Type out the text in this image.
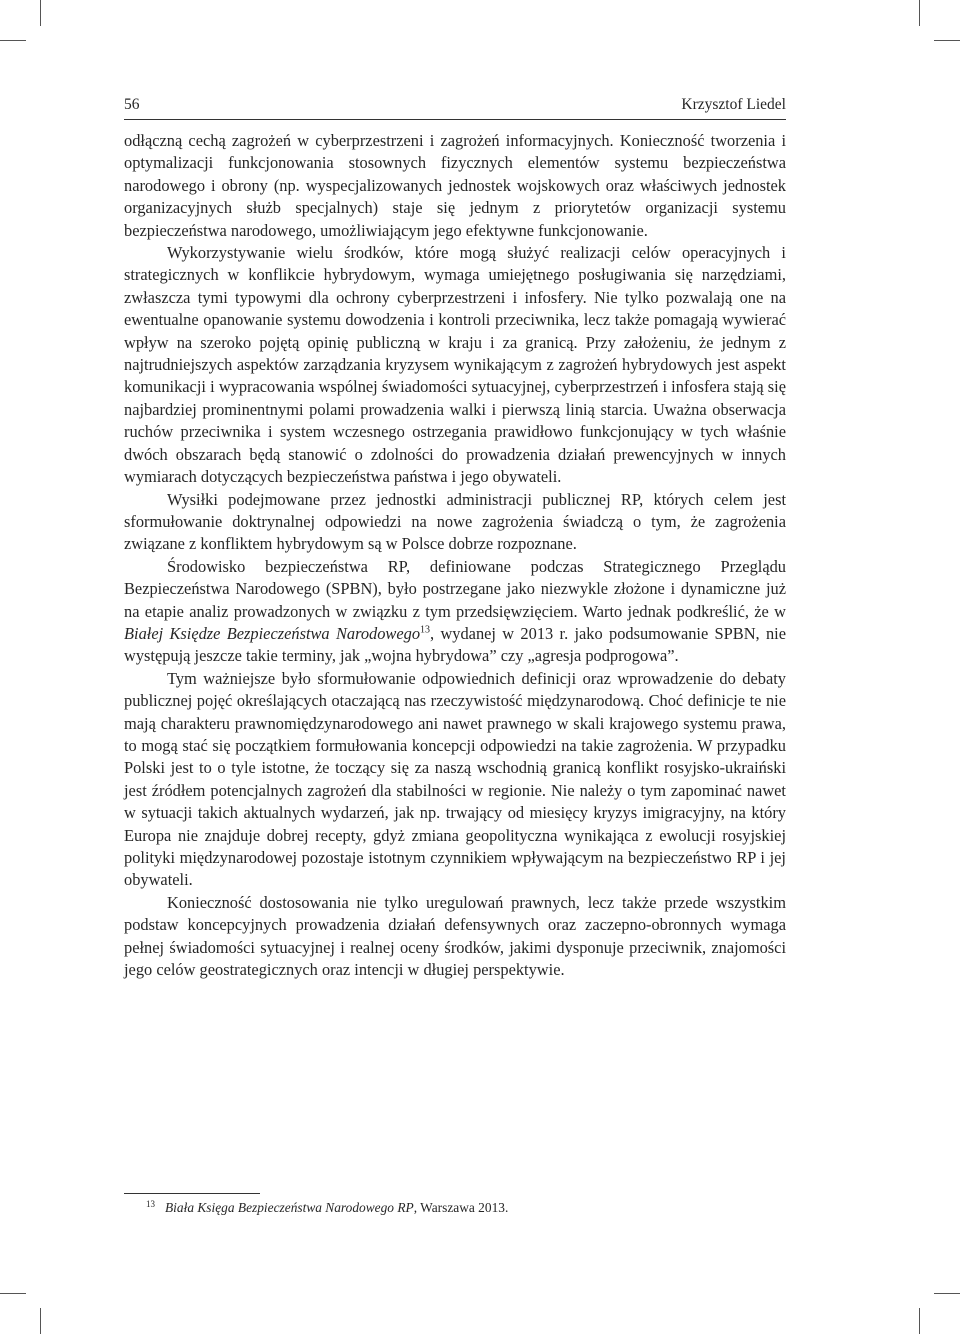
56	Krzysztof Liedel

odłączną cechą zagrożeń w cyberprzestrzeni i zagrożeń informacyjnych. Konieczność tworzenia i optymalizacji funkcjonowania stosownych fizycznych elementów systemu bezpieczeństwa narodowego i obrony (np. wyspecjalizowanych jednostek wojskowych oraz właściwych jednostek organizacyjnych służb specjalnych) staje się jednym z priorytetów organizacji systemu bezpieczeństwa narodowego, umożliwiającym jego efektywne funkcjonowanie.

Wykorzystywanie wielu środków, które mogą służyć realizacji celów operacyjnych i strategicznych w konflikcie hybrydowym, wymaga umiejętnego posługiwania się narzędziami, zwłaszcza tymi typowymi dla ochrony cyberprzestrzeni i infosfery. Nie tylko pozwalają one na ewentualne opanowanie systemu dowodzenia i kontroli przeciwnika, lecz także pomagają wywierać wpływ na szeroko pojętą opinię publiczną w kraju i za granicą. Przy założeniu, że jednym z najtrudniejszych aspektów zarządzania kryzysem wynikającym z zagrożeń hybrydowych jest aspekt komunikacji i wypracowania wspólnej świadomości sytuacyjnej, cyberprzestrzeń i infosfera stają się najbardziej prominentnymi polami prowadzenia walki i pierwszą linią starcia. Uważna obserwacja ruchów przeciwnika i system wczesnego ostrzegania prawidłowo funkcjonujący w tych właśnie dwóch obszarach będą stanowić o zdolności do prowadzenia działań prewencyjnych w innych wymiarach dotyczących bezpieczeństwa państwa i jego obywateli.

Wysiłki podejmowane przez jednostki administracji publicznej RP, których celem jest sformułowanie doktrynalnej odpowiedzi na nowe zagrożenia świadczą o tym, że zagrożenia związane z konfliktem hybrydowym są w Polsce dobrze rozpoznane.

Środowisko bezpieczeństwa RP, definiowane podczas Strategicznego Przeglądu Bezpieczeństwa Narodowego (SPBN), było postrzegane jako niezwykle złożone i dynamiczne już na etapie analiz prowadzonych w związku z tym przedsięwzięciem. Warto jednak podkreślić, że w Białej Księdze Bezpieczeństwa Narodowego$^{13}$, wydanej w 2013 r. jako podsumowanie SPBN, nie występują jeszcze takie terminy, jak „wojna hybrydowa” czy „agresja podprogowa”.

Tym ważniejsze było sformułowanie odpowiednich definicji oraz wprowadzenie do debaty publicznej pojęć określających otaczającą nas rzeczywistość międzynarodową. Choć definicje te nie mają charakteru prawnomiędzynarodowego ani nawet prawnego w skali krajowego systemu prawa, to mogą stać się początkiem formułowania koncepcji odpowiedzi na takie zagrożenia. W przypadku Polski jest to o tyle istotne, że toczący się za naszą wschodnią granicą konflikt rosyjsko-ukraiński jest źródłem potencjalnych zagrożeń dla stabilności w regionie. Nie należy o tym zapominać nawet w sytuacji takich aktualnych wydarzeń, jak np. trwający od miesięcy kryzys imigracyjny, na który Europa nie znajduje dobrej recepty, gdyż zmiana geopolityczna wynikająca z ewolucji rosyjskiej polityki międzynarodowej pozostaje istotnym czynnikiem wpływającym na bezpieczeństwo RP i jej obywateli.

Konieczność dostosowania nie tylko uregulowań prawnych, lecz także przede wszystkim podstaw koncepcyjnych prowadzenia działań defensywnych oraz zaczepno-obronnych wymaga pełnej świadomości sytuacyjnej i realnej oceny środków, jakimi dysponuje przeciwnik, znajomości jego celów geostrategicznych oraz intencji w długiej perspektywie.

$^{13}$ Biała Księga Bezpieczeństwa Narodowego RP, Warszawa 2013.
